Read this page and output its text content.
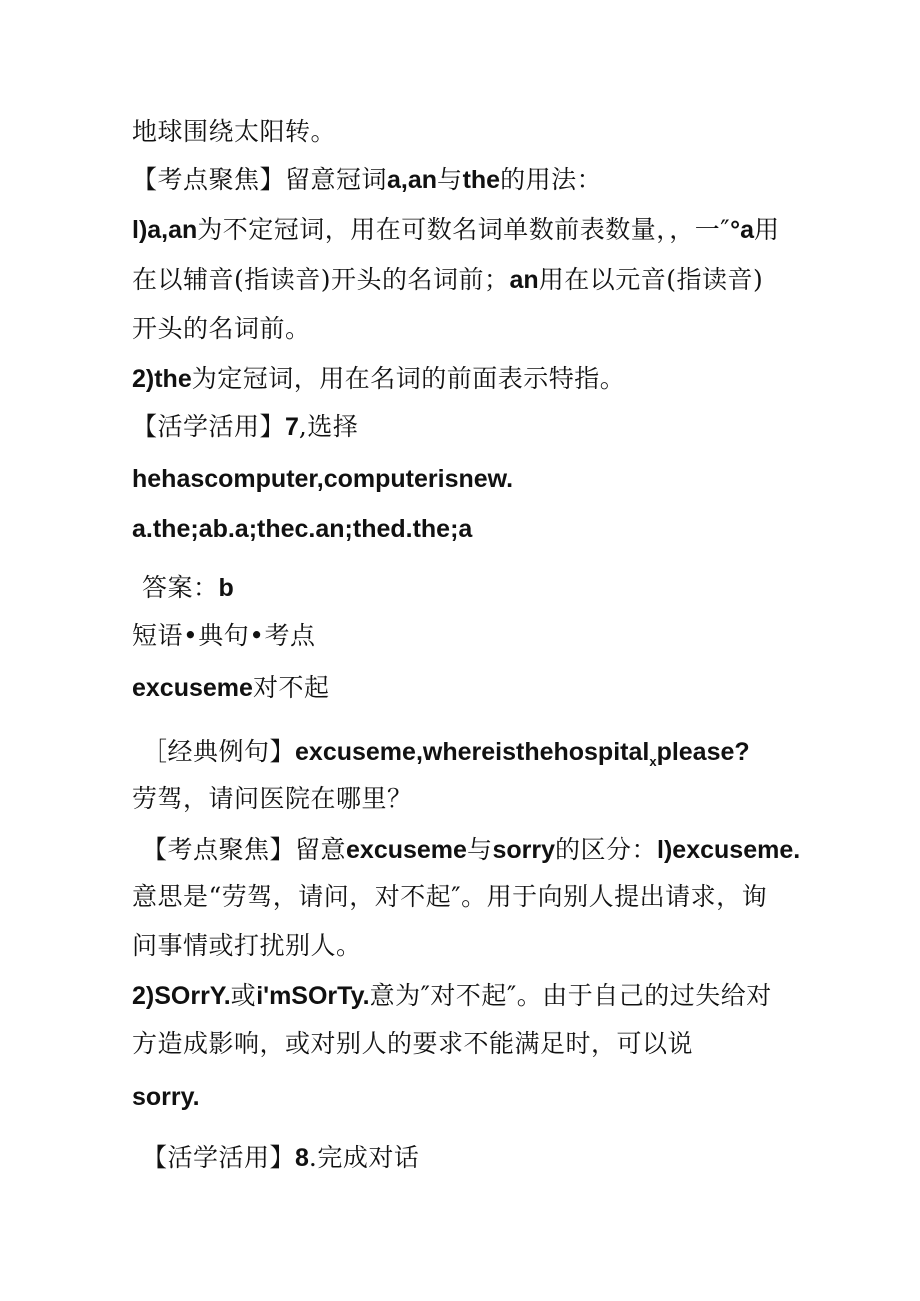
地球围绕太阳转。
【考点聚焦】留意冠词a,an与the的用法：
l)a,an为不定冠词，用在可数名词单数前表数量，，一″°a用
在以辅音(指读音)开头的名词前；an用在以元音(指读音)
开头的名词前。
2)the为定冠词，用在名词的前面表示特指。
【活学活用】7,选择
hehascomputer,computerisnew.
a.the;ab.a;thec.an;thed.the;a
答案：b
短语•典句•考点
excuseme对不起
［经典例句】excuseme,whereisthehospital$_x$please?
劳驾，请问医院在哪里？
【考点聚焦】留意excuseme与sorry的区分：l)excuseme.
意思是“劳驾，请问，对不起″。用于向别人提出请求，询
问事情或打扰别人。
2)SOrrY.或i'mSOrTy.意为″对不起″。由于自己的过失给对
方造成影响，或对别人的要求不能满足时，可以说
sorry.
【活学活用】8.完成对话
